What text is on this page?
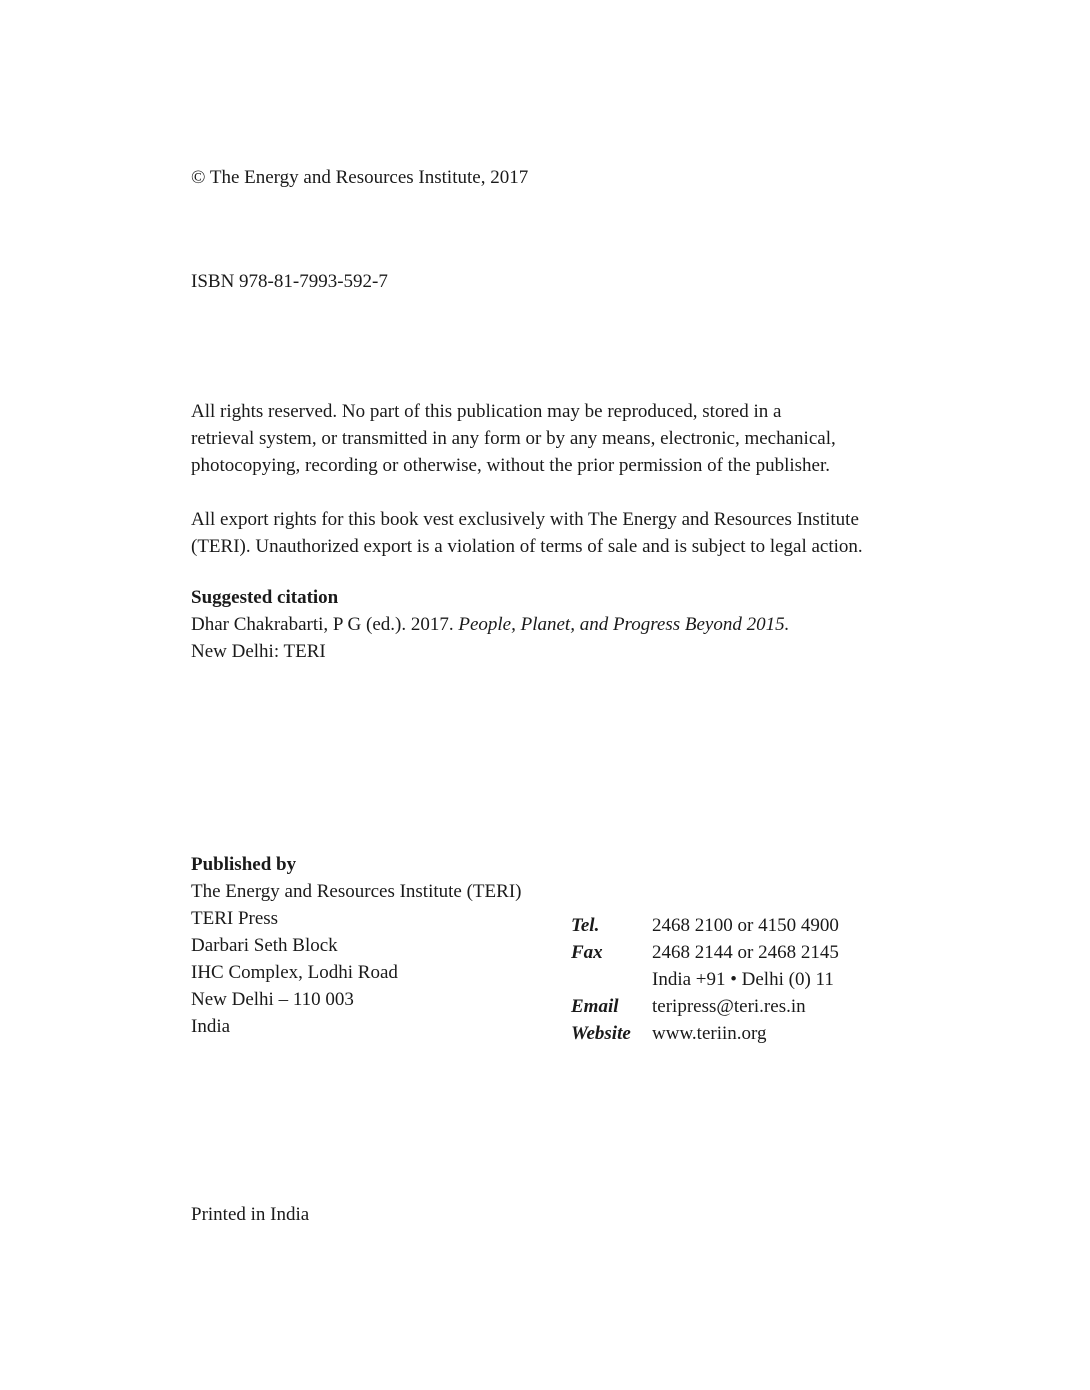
© The Energy and Resources Institute, 2017
ISBN 978-81-7993-592-7
All rights reserved. No part of this publication may be reproduced, stored in a
retrieval system, or transmitted in any form or by any means, electronic, mechanical,
photocopying, recording or otherwise, without the prior permission of the publisher.
All export rights for this book vest exclusively with The Energy and Resources Institute
(TERI). Unauthorized export is a violation of terms of sale and is subject to legal action.
Suggested citation
Dhar Chakrabarti, P G (ed.). 2017. People, Planet, and Progress Beyond 2015.
New Delhi: TERI
Published by
The Energy and Resources Institute (TERI)
TERI Press
Darbari Seth Block
IHC Complex, Lodhi Road
New Delhi – 110 003
India
Tel.	2468 2100 or 4150 4900
Fax	2468 2144 or 2468 2145
India +91 • Delhi (0) 11
Email	teripress@teri.res.in
Website	www.teriin.org
Printed in India
